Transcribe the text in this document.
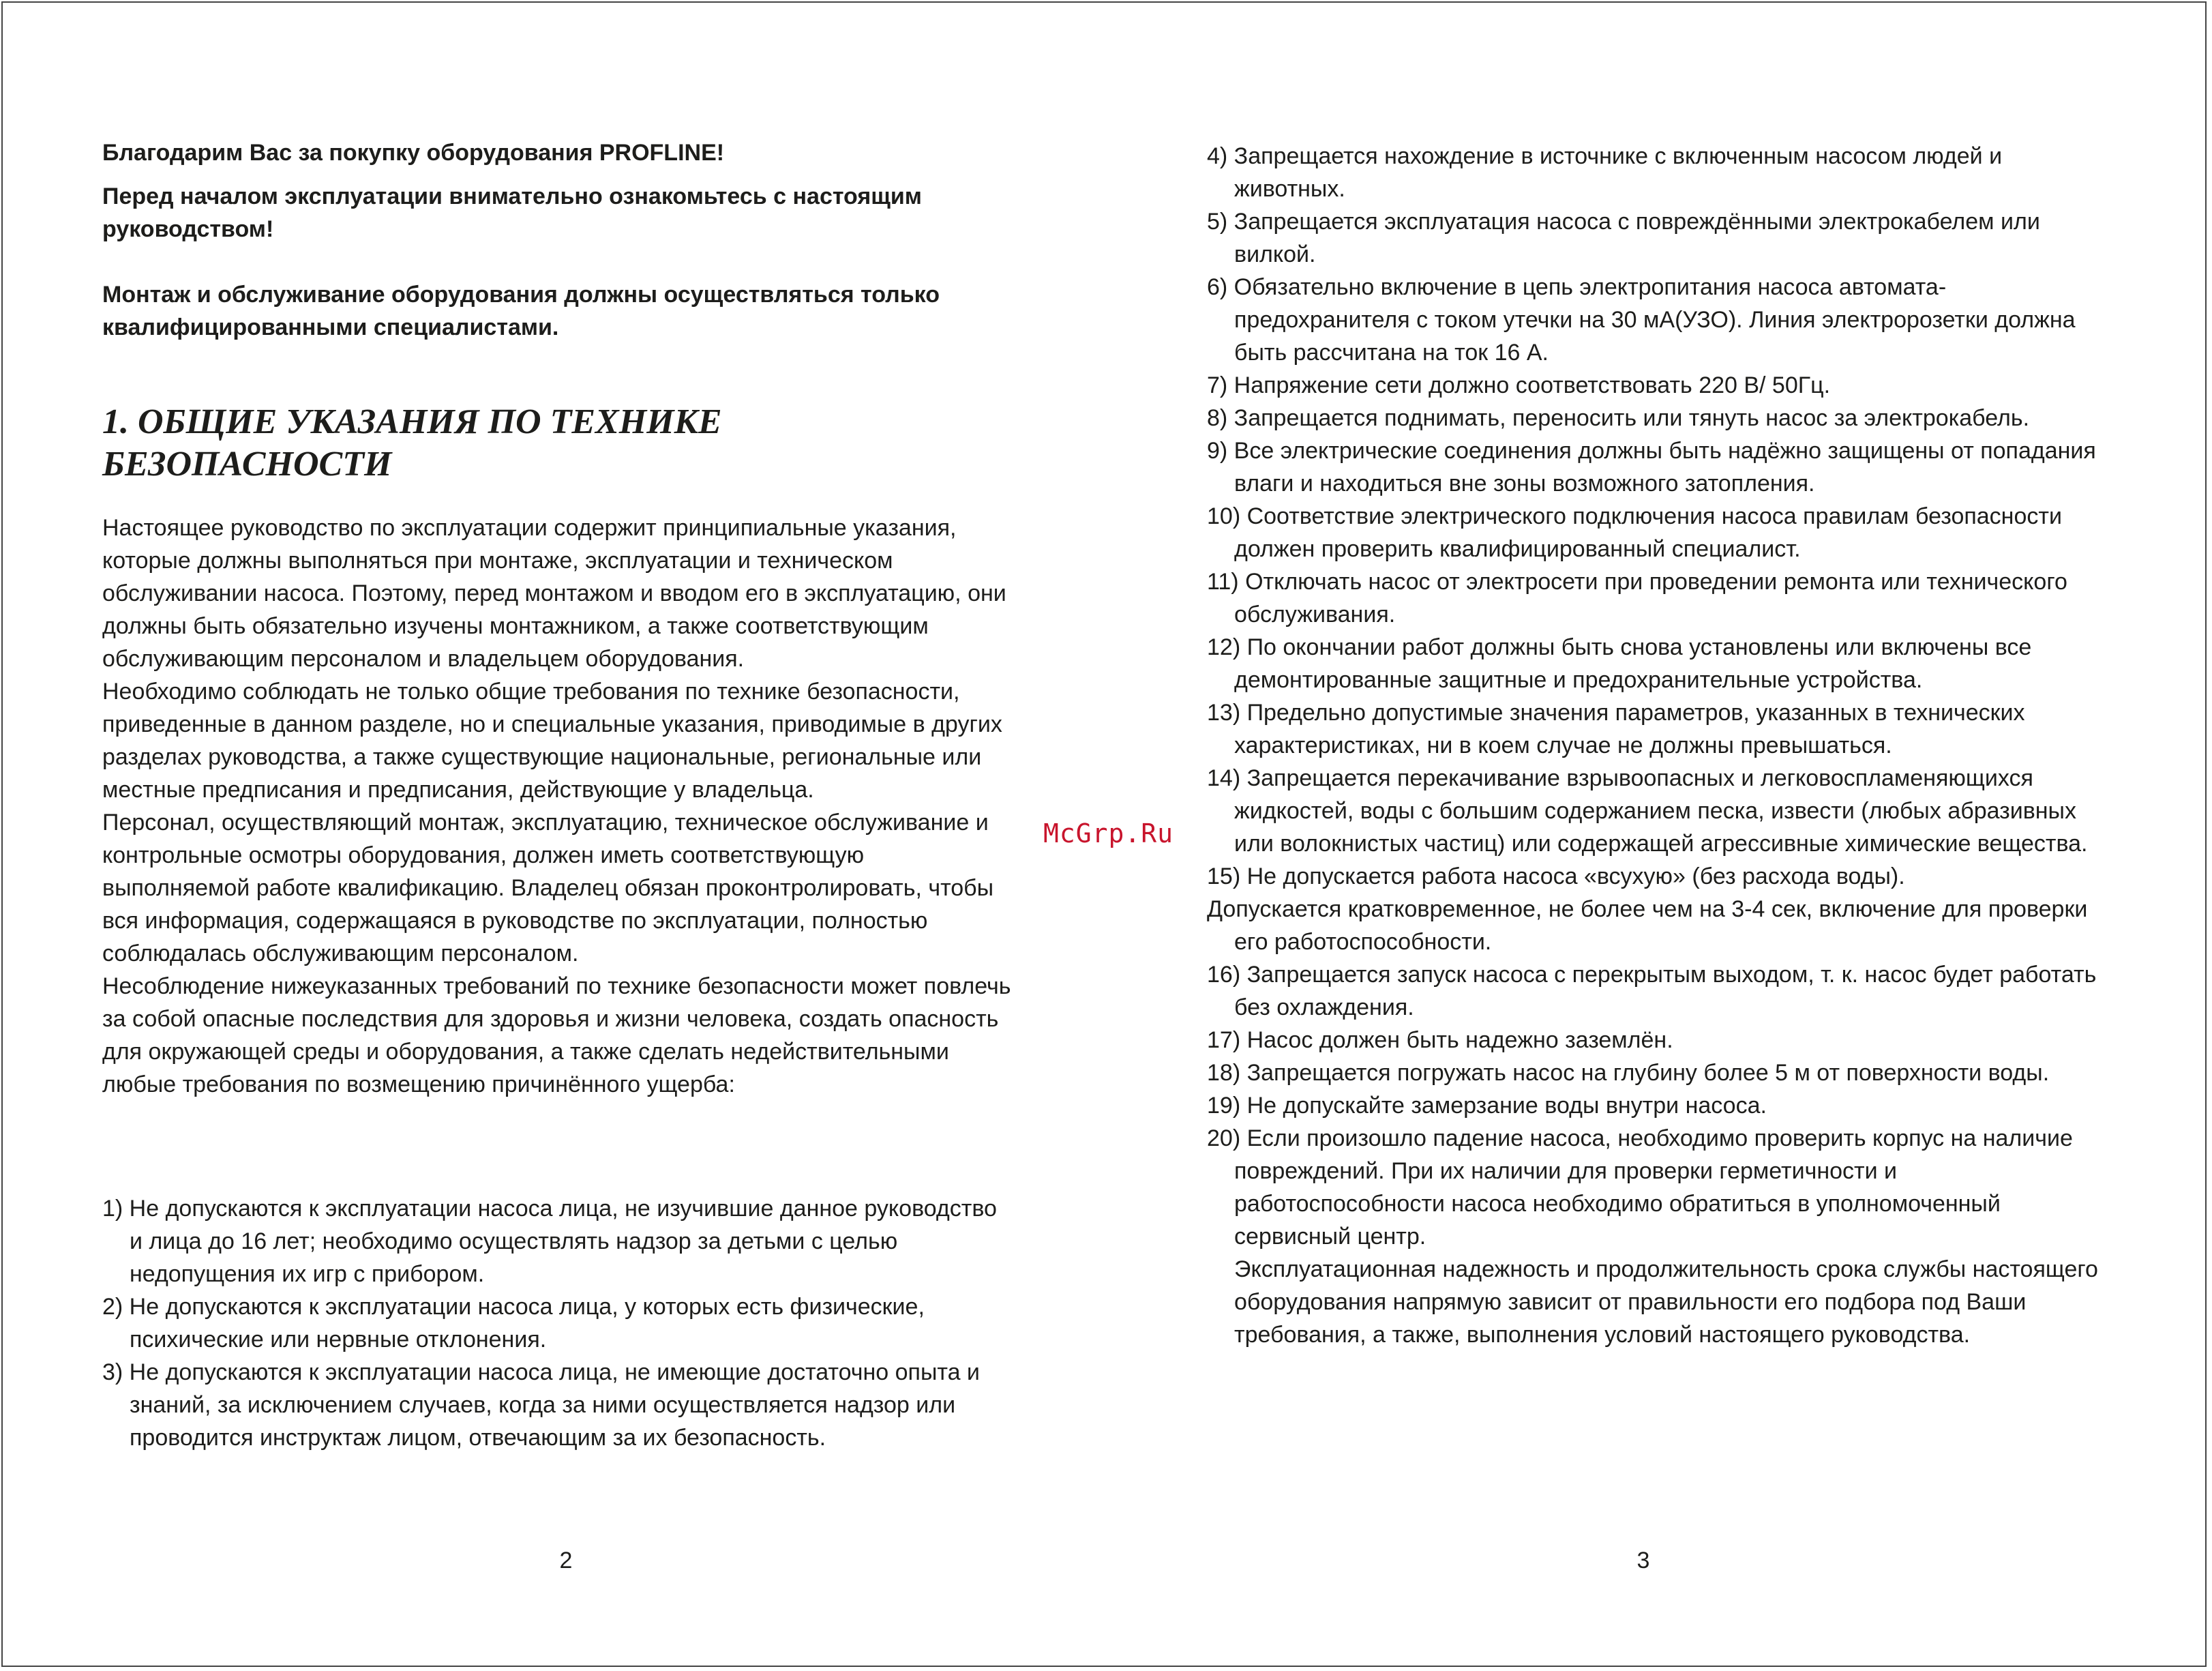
Благодарим Вас за покупку оборудования PROFLINE!

Перед началом эксплуатации внимательно ознакомьтесь с настоящим руководством!

Монтаж и обслуживание оборудования должны осуществляться только квалифицированными специалистами.

1. ОБЩИЕ УКАЗАНИЯ ПО ТЕХНИКЕ БЕЗОПАСНОСТИ

Настоящее руководство по эксплуатации содержит принципиальные указания, которые должны выполняться при монтаже, эксплуатации и техническом обслуживании насоса. Поэтому, перед монтажом и вводом его в эксплуатацию, они должны быть обязательно изучены монтажником, а также соответствующим обслуживающим персоналом и владельцем оборудования.

Необходимо соблюдать не только общие требования по технике безопасности, приведенные в данном разделе, но и специальные указания, приводимые в других разделах руководства, а также существующие национальные, региональные или местные предписания и предписания, действующие у владельца.

Персонал, осуществляющий монтаж, эксплуатацию, техническое обслуживание и контрольные осмотры оборудования, должен иметь соответствующую выполняемой работе квалификацию. Владелец обязан проконтролировать, чтобы вся информация, содержащаяся в руководстве по эксплуатации, полностью соблюдалась обслуживающим персоналом.

Несоблюдение нижеуказанных требований по технике безопасности может повлечь за собой опасные последствия для здоровья и жизни человека, создать опасность для окружающей среды и оборудования, а также сделать недействительными любые требования по возмещению причинённого ущерба:

1) Не допускаются к эксплуатации насоса лица, не изучившие данное руководство и лица до 16 лет; необходимо осуществлять надзор за детьми с целью недопущения их игр с прибором.

2) Не допускаются к эксплуатации насоса лица, у которых есть физические, психические или нервные отклонения.

3) Не допускаются к эксплуатации насоса лица, не имеющие достаточно опыта и знаний, за исключением случаев, когда за ними осуществляется надзор или проводится инструктаж лицом, отвечающим за их безопасность.

2
McGrp.Ru

4) Запрещается нахождение в источнике с включенным насосом людей и животных.

5) Запрещается эксплуатация насоса с повреждёнными электрокабелем или вилкой.

6) Обязательно включение в цепь электропитания насоса автомата-предохранителя с током утечки на 30 мА(УЗО). Линия электророзетки должна быть рассчитана на ток 16 А.

7) Напряжение сети должно соответствовать 220 В/ 50Гц.

8) Запрещается поднимать, переносить или тянуть насос за электрокабель.

9) Все электрические соединения должны быть надёжно защищены от попадания влаги и находиться вне зоны возможного затопления.

10) Соответствие электрического подключения насоса правилам безопасности должен проверить квалифицированный специалист.

11) Отключать насос от электросети при проведении ремонта или технического обслуживания.

12) По окончании работ должны быть снова установлены или включены все демонтированные защитные и предохранительные устройства.

13) Предельно допустимые значения параметров, указанных в технических характеристиках, ни в коем случае не должны превышаться.

14) Запрещается перекачивание взрывоопасных и легковоспламеняющихся жидкостей, воды с большим содержанием песка, извести (любых абразивных или волокнистых частиц) или содержащей агрессивные химические вещества.

15) Не допускается работа насоса «всухую» (без расхода воды).

Допускается кратковременное, не более чем на 3-4 сек, включение для проверки его работоспособности.

16) Запрещается запуск насоса с перекрытым выходом, т. к. насос будет работать без охлаждения.

17) Насос должен быть надежно заземлён.

18) Запрещается погружать насос на глубину более 5 м от поверхности воды.

19) Не допускайте замерзание воды внутри насоса.

20) Если произошло падение насоса, необходимо проверить корпус на наличие повреждений. При их наличии для проверки герметичности и работоспособности насоса необходимо обратиться в уполномоченный сервисный центр.

Эксплуатационная надежность и продолжительность срока службы настоящего оборудования напрямую зависит от правильности его подбора под Ваши требования, а также, выполнения условий настоящего руководства.

3
